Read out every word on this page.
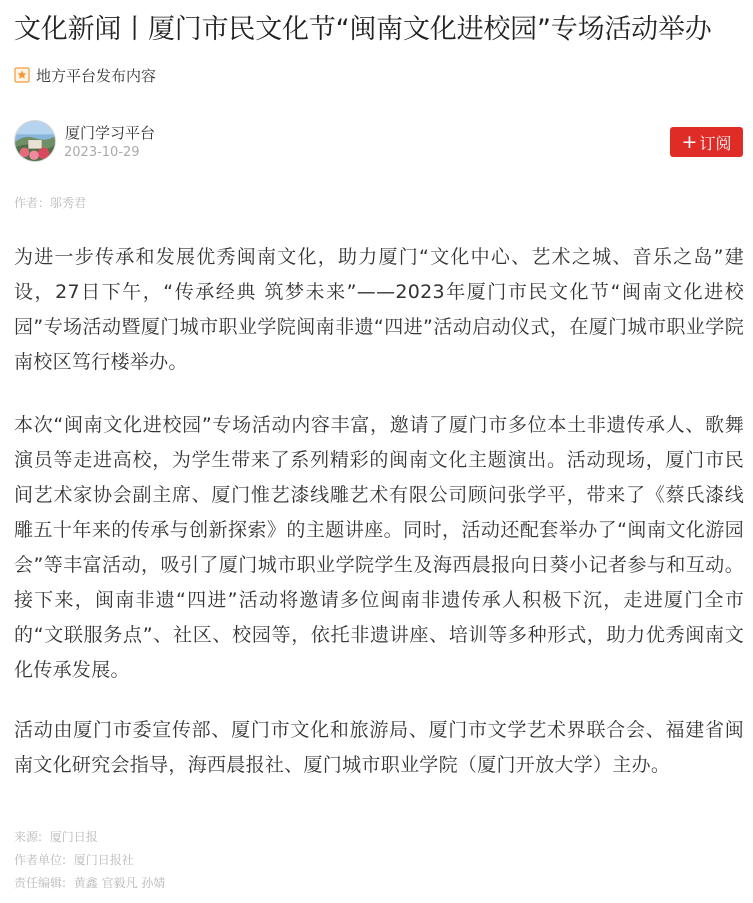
文化新闻丨厦门市民文化节“闽南文化进校园”专场活动举办
地方平台发布内容
厦门学习平台
2023-10-29	+ 订阅
作者：邬秀君

为进一步传承和发展优秀闽南文化，助力厦门“文化中心、艺术之城、音乐之岛”建设，27日下午，“传承经典 筑梦未来”——2023年厦门市民文化节“闽南文化进校园”专场活动暨厦门城市职业学院闽南非遗“四进”活动启动仪式，在厦门城市职业学院南校区笃行楼举办。

本次“闽南文化进校园”专场活动内容丰富，邀请了厦门市多位本土非遗传承人、歌舞演员等走进高校，为学生带来了系列精彩的闽南文化主题演出。活动现场，厦门市民间艺术家协会副主席、厦门惟艺漆线雕艺术有限公司顾问张学平，带来了《蔡氏漆线雕五十年来的传承与创新探索》的主题讲座。同时，活动还配套举办了“闽南文化游园会”等丰富活动，吸引了厦门城市职业学院学生及海西晨报向日葵小记者参与和互动。接下来，闽南非遗“四进”活动将邀请多位闽南非遗传承人积极下沉，走进厦门全市的“文联服务点”、社区、校园等，依托非遗讲座、培训等多种形式，助力优秀闽南文化传承发展。

活动由厦门市委宣传部、厦门市文化和旅游局、厦门市文学艺术界联合会、福建省闽南文化研究会指导，海西晨报社、厦门城市职业学院（厦门开放大学）主办。

来源: 厦门日报
作者单位: 厦门日报社
责任编辑: 黄鑫 官毅凡 孙婧
